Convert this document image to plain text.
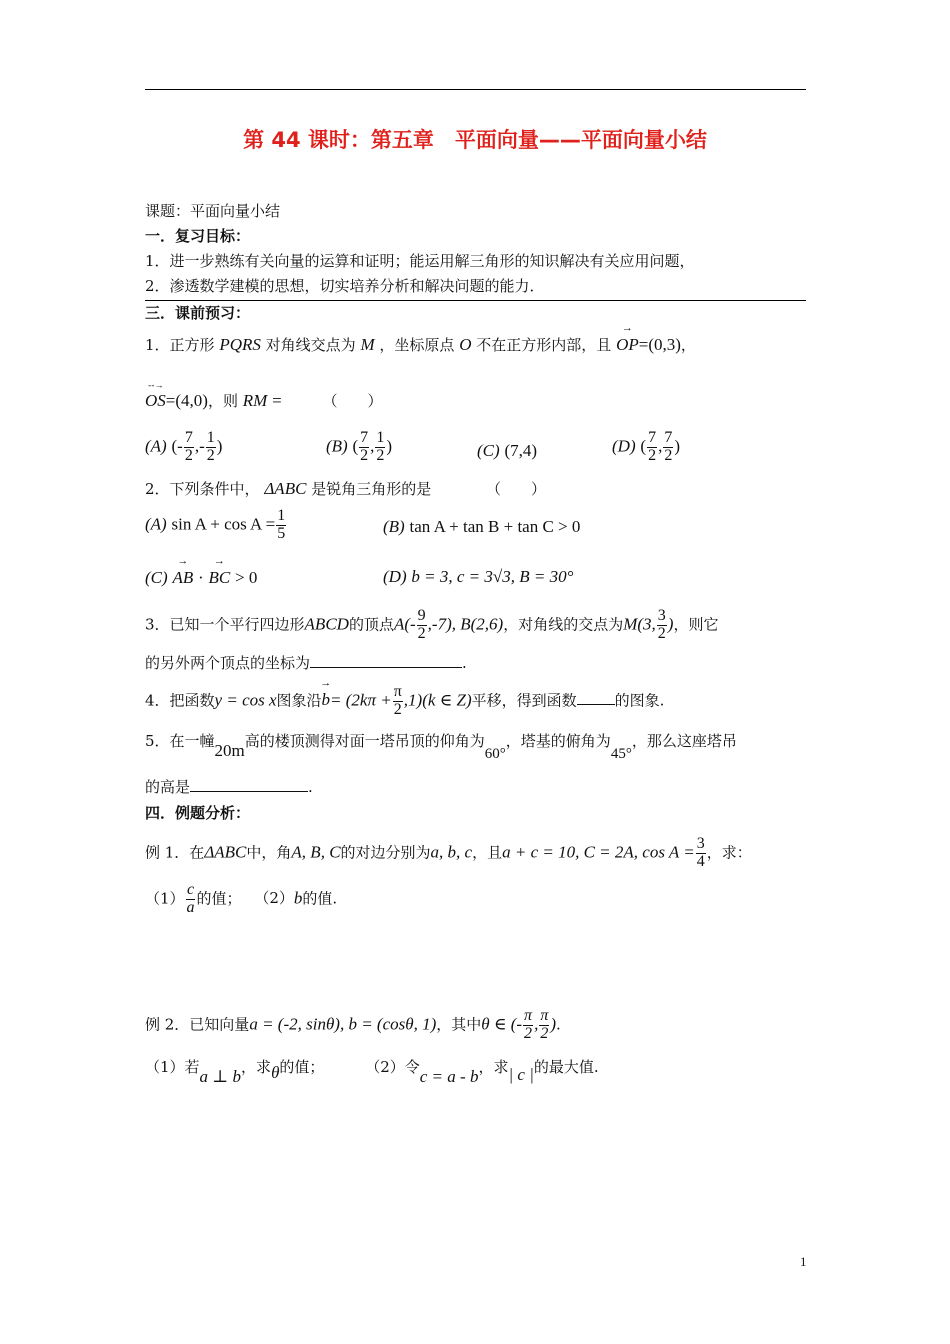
第 44 课时：第五章　平面向量——平面向量小结
课题：平面向量小结
一．复习目标：
1．进一步熟练有关向量的运算和证明；能运用解三角形的知识解决有关应用问题，
2．渗透数学建模的思想，切实培养分析和解决问题的能力．
三．课前预习：
1．正方形 PQRS 对角线交点为 M ，坐标原点 O 不在正方形内部，且 → OP=(0,3)，
- - → OS=(4,0)，则 RM =	（　　）
(A) (- $\frac{7}{2}$ ,- $\frac{1}{2}$ )	(B) ( $\frac{7}{2}$ , $\frac{1}{2}$ )	(C) (7,4)	(D) ( $\frac{7}{2}$ , $\frac{7}{2}$ )
2．下列条件中， ΔABC 是锐角三角形的是	（　　）
(A) $\sin A + \cos A = \frac{1}{5}$	(B) tan A + tan B + tan C > 0
(C) → AB · → BC > 0	(D) b = 3, c = 3√3, B = 30°
3．已知一个平行四边形ABCD的顶点$A(- \frac{9}{2} ,-7)$, B(2,6)，对角线的交点为M(3, $\frac{3}{2}$ )，则它
的另外两个顶点的坐标为	.
4．把函数y = cos x图象沿→ $b= (2k\pi + \frac{\pi}{2} ,1)(k$ ∈ Z)平移，得到函数	的图象.
5．在一幢20m高的楼顶测得对面一塔吊顶的仰角为60°，塔基的俯角为45°，那么这座塔吊
的高是	.
四．例题分析：
例 1．在ΔABC中，角A, B, C的对边分别为a, b, c，且a + c = 10, C = 2A, $\cos A = \frac{3}{4}$ ，求：
$(1) \frac{c}{a}$ 的值； （2）b的值.
例 2．已知向量a = (-2, sinθ), b = (cosθ, 1)，其中θ ∈ (- $\frac{\pi}{2}$ , $\frac{\pi}{2}$ ).
（1）若a ⊥ b，求θ的值；	（2）令c = a - b，求| c |的最大值.
1
